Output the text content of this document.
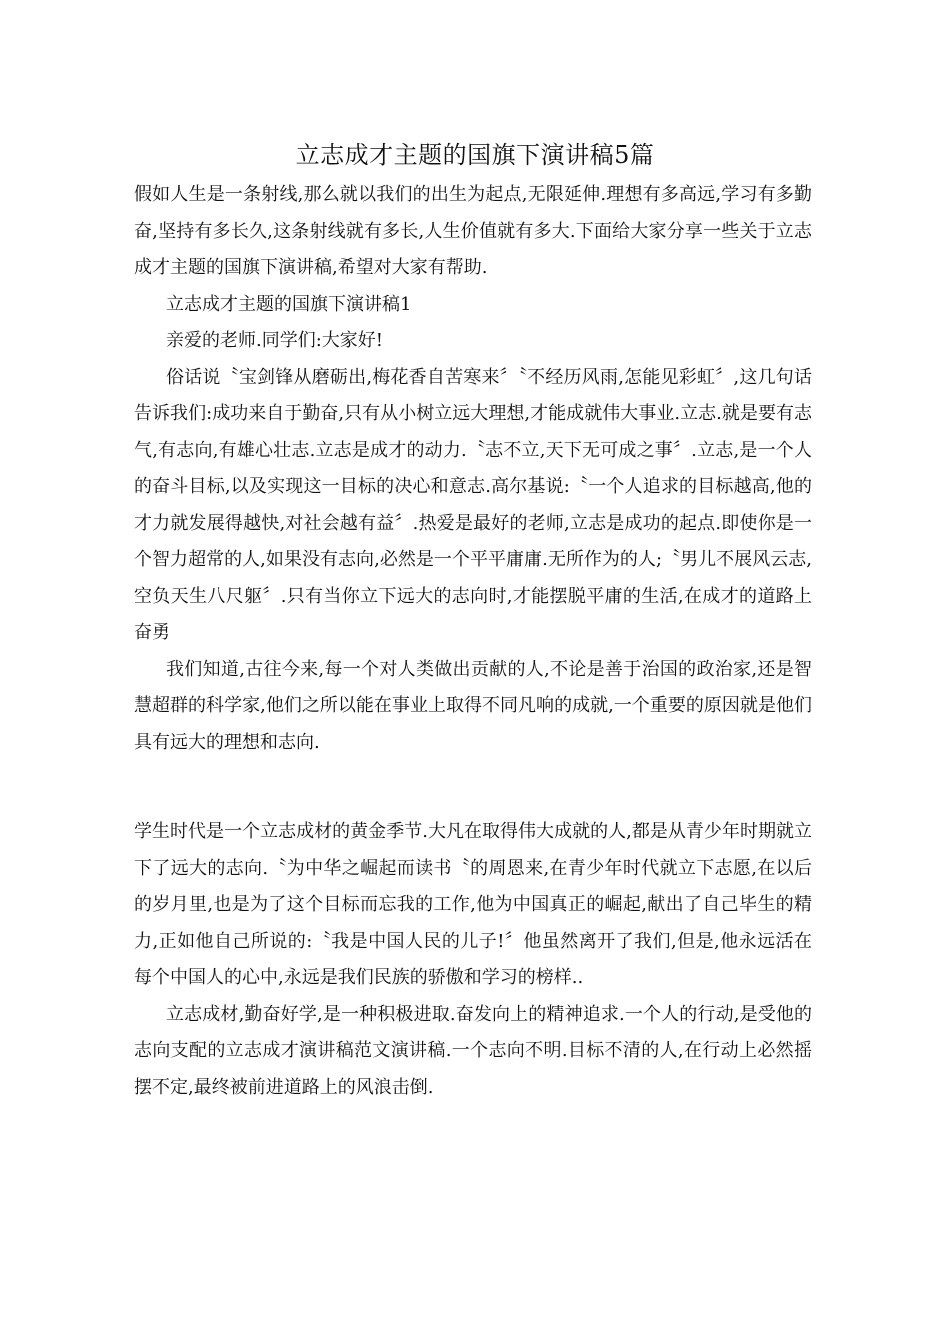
立志成才主题的国旗下演讲稿5篇

假如人生是一条射线,那么就以我们的出生为起点,无限延伸.理想有多高远,学习有多勤奋,坚持有多长久,这条射线就有多长,人生价值就有多大.下面给大家分享一些关于立志成才主题的国旗下演讲稿,希望对大家有帮助.

立志成才主题的国旗下演讲稿1

亲爱的老师.同学们:大家好!

俗话说〝宝剑锋从磨砺出,梅花香自苦寒来〞〝不经历风雨,怎能见彩虹〞,这几句话告诉我们:成功来自于勤奋,只有从小树立远大理想,才能成就伟大事业.立志.就是要有志气,有志向,有雄心壮志.立志是成才的动力.〝志不立,天下无可成之事〞.立志,是一个人的奋斗目标,以及实现这一目标的决心和意志.高尔基说:〝一个人追求的目标越高,他的才力就发展得越快,对社会越有益〞.热爱是最好的老师,立志是成功的起点.即使你是一个智力超常的人,如果没有志向,必然是一个平平庸庸.无所作为的人;〝男儿不展风云志,空负天生八尺躯〞.只有当你立下远大的志向时,才能摆脱平庸的生活,在成才的道路上奋勇

我们知道,古往今来,每一个对人类做出贡献的人,不论是善于治国的政治家,还是智慧超群的科学家,他们之所以能在事业上取得不同凡响的成就,一个重要的原因就是他们具有远大的理想和志向.

学生时代是一个立志成材的黄金季节.大凡在取得伟大成就的人,都是从青少年时期就立下了远大的志向.〝为中华之崛起而读书〝的周恩来,在青少年时代就立下志愿,在以后的岁月里,也是为了这个目标而忘我的工作,他为中国真正的崛起,献出了自己毕生的精力,正如他自己所说的:〝我是中国人民的儿子!〞他虽然离开了我们,但是,他永远活在每个中国人的心中,永远是我们民族的骄傲和学习的榜样..

立志成材,勤奋好学,是一种积极进取.奋发向上的精神追求.一个人的行动,是受他的志向支配的立志成才演讲稿范文演讲稿.一个志向不明.目标不清的人,在行动上必然摇摆不定,最终被前进道路上的风浪击倒.
